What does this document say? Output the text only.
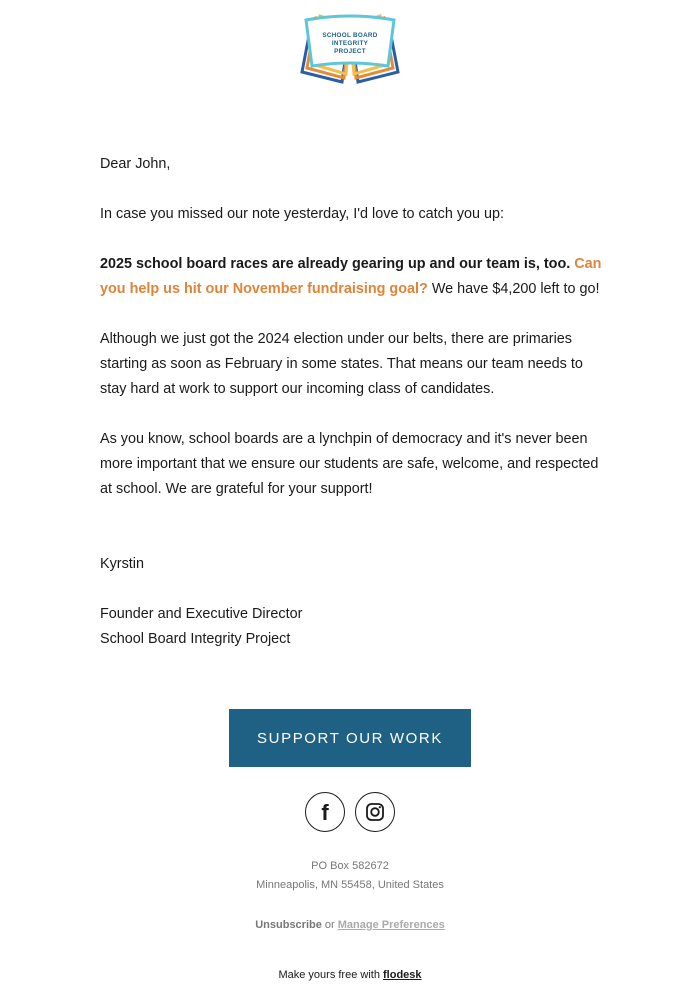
SCHOOL BOARD
INTEGRITY
PROJECT

Dear John,

In case you missed our note yesterday, I'd love to catch you up:

2025 school board races are already gearing up and our team is, too. Can you help us hit our November fundraising goal? We have $4,200 left to go!

Although we just got the 2024 election under our belts, there are primaries starting as soon as February in some states. That means our team needs to stay hard at work to support our incoming class of candidates.

As you know, school boards are a lynchpin of democracy and it's never been more important that we ensure our students are safe, welcome, and respected at school. We are grateful for your support!

Kyrstin

Founder and Executive Director

School Board Integrity Project

SUPPORT OUR WORK
f
PO Box 582672
Minneapolis, MN 55458, United States
Unsubscribe or Manage Preferences
Make yours free with flodesk
